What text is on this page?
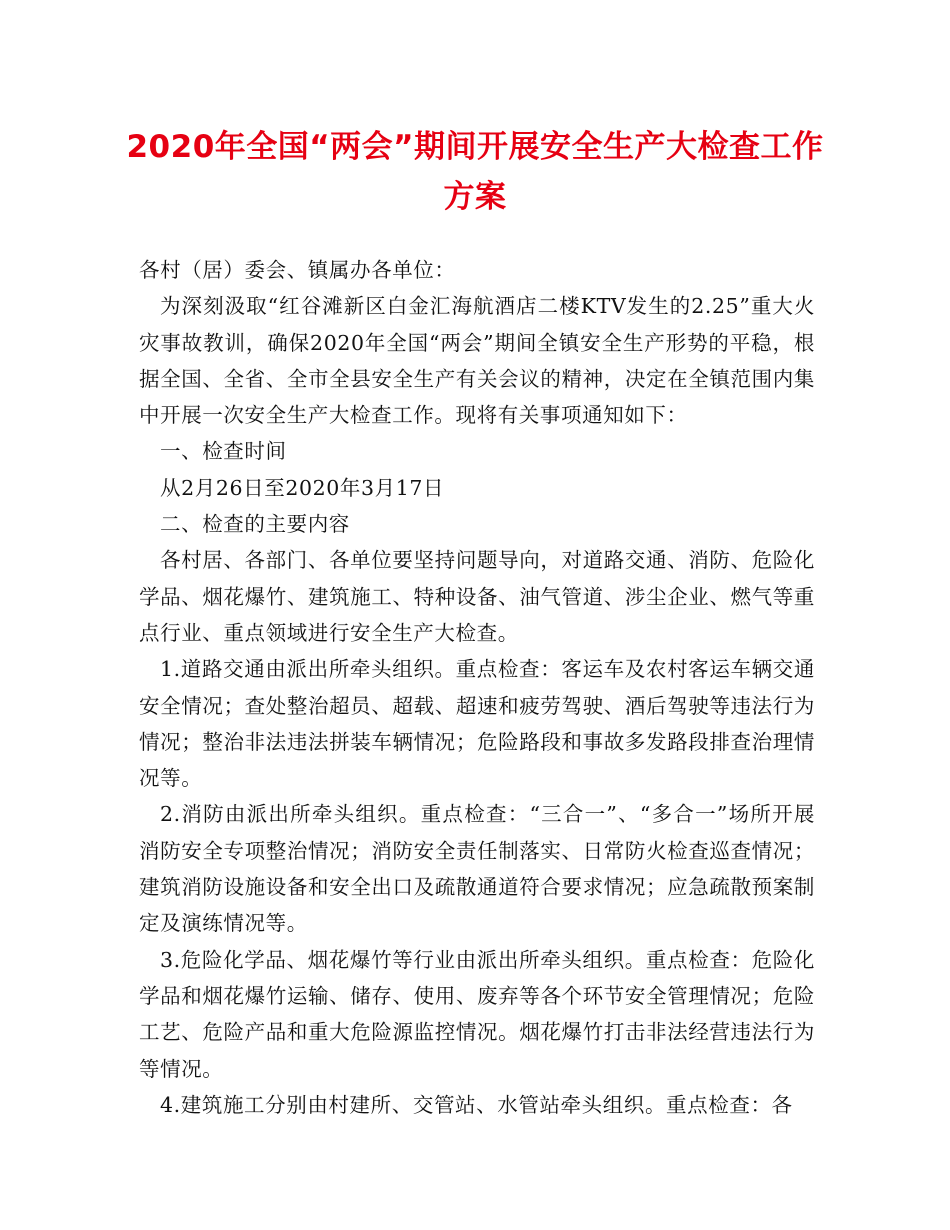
2020年全国“两会”期间开展安全生产大检查工作方案

各村（居）委会、镇属办各单位：

为深刻汲取“红谷滩新区白金汇海航酒店二楼KTV发生的2.25”重大火灾事故教训，确保2020年全国“两会”期间全镇安全生产形势的平稳，根据全国、全省、全市全县安全生产有关会议的精神，决定在全镇范围内集中开展一次安全生产大检查工作。现将有关事项通知如下：

一、检查时间

从2月26日至2020年3月17日

二、检查的主要内容

各村居、各部门、各单位要坚持问题导向，对道路交通、消防、危险化学品、烟花爆竹、建筑施工、特种设备、油气管道、涉尘企业、燃气等重点行业、重点领域进行安全生产大检查。

1.道路交通由派出所牵头组织。重点检查：客运车及农村客运车辆交通安全情况；查处整治超员、超载、超速和疲劳驾驶、酒后驾驶等违法行为情况；整治非法违法拼装车辆情况；危险路段和事故多发路段排查治理情况等。

2.消防由派出所牵头组织。重点检查：“三合一”、“多合一”场所开展消防安全专项整治情况；消防安全责任制落实、日常防火检查巡查情况；建筑消防设施设备和安全出口及疏散通道符合要求情况；应急疏散预案制定及演练情况等。

3.危险化学品、烟花爆竹等行业由派出所牵头组织。重点检查：危险化学品和烟花爆竹运输、储存、使用、废弃等各个环节安全管理情况；危险工艺、危险产品和重大危险源监控情况。烟花爆竹打击非法经营违法行为等情况。

4.建筑施工分别由村建所、交管站、水管站牵头组织。重点检查：各
